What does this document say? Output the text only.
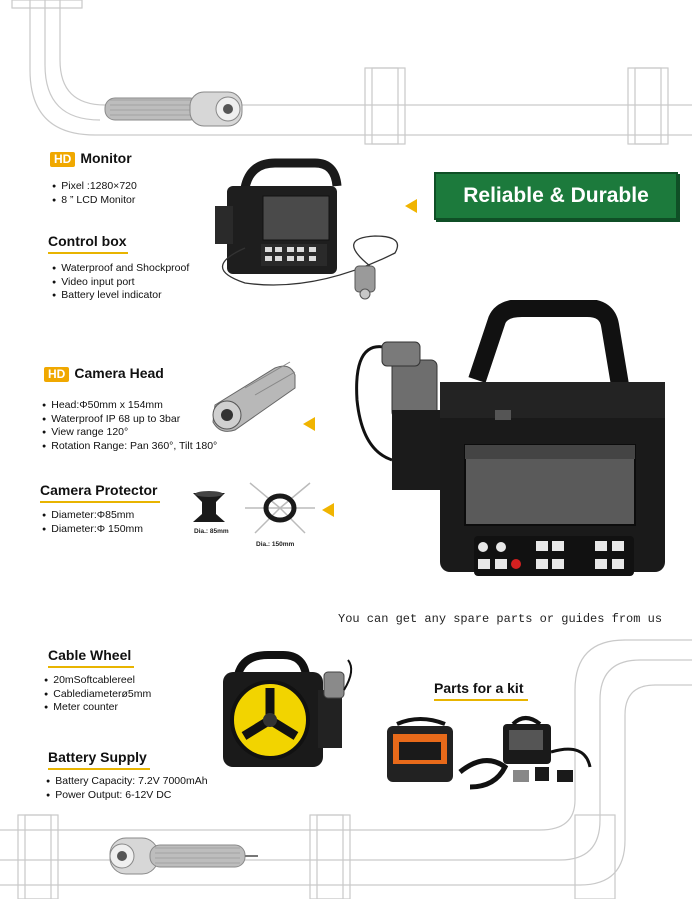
HD Monitor
● Pixel :1280×720
● 8 ” LCD Monitor
Control box
● Waterproof and Shockproof
● Video input port
● Battery level indicator
Reliable & Durable
HD Camera Head
● Head:Φ50mm x 154mm
● Waterproof IP 68 up to 3bar
● View range 120°
● Rotation Range: Pan 360°, Tilt 180°
Camera Protector
● Diameter:Φ85mm
● Diameter:Φ 150mm	Dia.: 85mm
Dia.: 150mm
You can get any spare parts or guides from us
Cable Wheel
● 20mSoftcablereel
● Cablediameterø5mm
● Meter counter
Parts for a kit
Battery Supply
● Battery Capacity: 7.2V 7000mAh
● Power Output: 6-12V DC
